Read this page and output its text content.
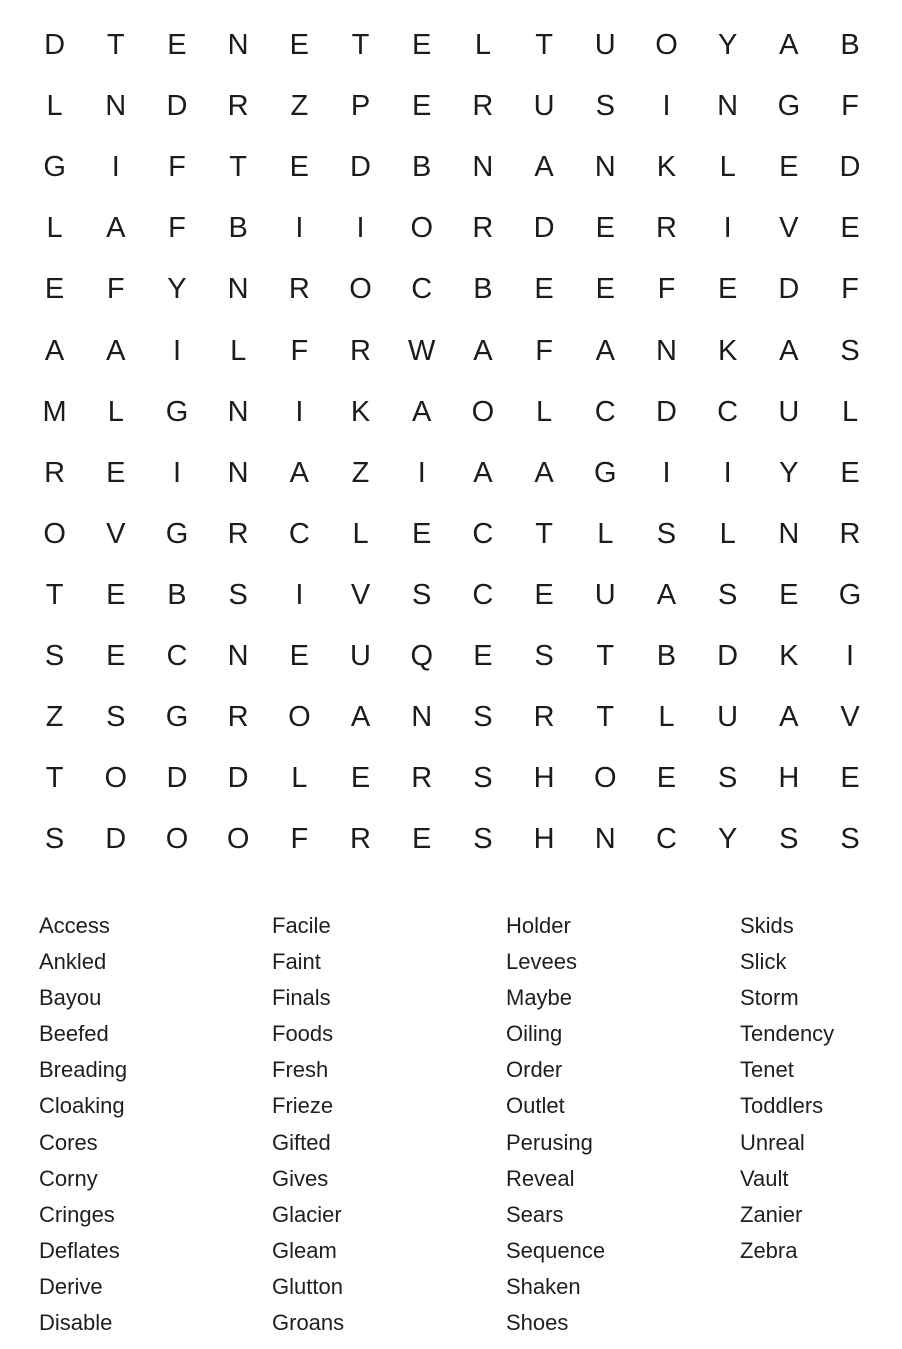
D	T	E	N	E	T	E	L	T	U	O	Y	A	B
L	N	D	R	Z	P	E	R	U	S	I	N	G	F
G	I	F	T	E	D	B	N	A	N	K	L	E	D
L	A	F	B	I	I	O	R	D	E	R	I	V	E
E	F	Y	N	R	O	C	B	E	E	F	E	D	F
A	A	I	L	F	R	W	A	F	A	N	K	A	S
M	L	G	N	I	K	A	O	L	C	D	C	U	L
R	E	I	N	A	Z	I	A	A	G	I	I	Y	E
O	V	G	R	C	L	E	C	T	L	S	L	N	R
T	E	B	S	I	V	S	C	E	U	A	S	E	G
S	E	C	N	E	U	Q	E	S	T	B	D	K	I
Z	S	G	R	O	A	N	S	R	T	L	U	A	V
T	O	D	D	L	E	R	S	H	O	E	S	H	E
S	D	O	O	F	R	E	S	H	N	C	Y	S	S
Access
Ankled
Bayou
Beefed
Breading
Cloaking
Cores
Corny
Cringes
Deflates
Derive
Disable
Facile
Faint
Finals
Foods
Fresh
Frieze
Gifted
Gives
Glacier
Gleam
Glutton
Groans
Holder
Levees
Maybe
Oiling
Order
Outlet
Perusing
Reveal
Sears
Sequence
Shaken
Shoes
Skids
Slick
Storm
Tendency
Tenet
Toddlers
Unreal
Vault
Zanier
Zebra
